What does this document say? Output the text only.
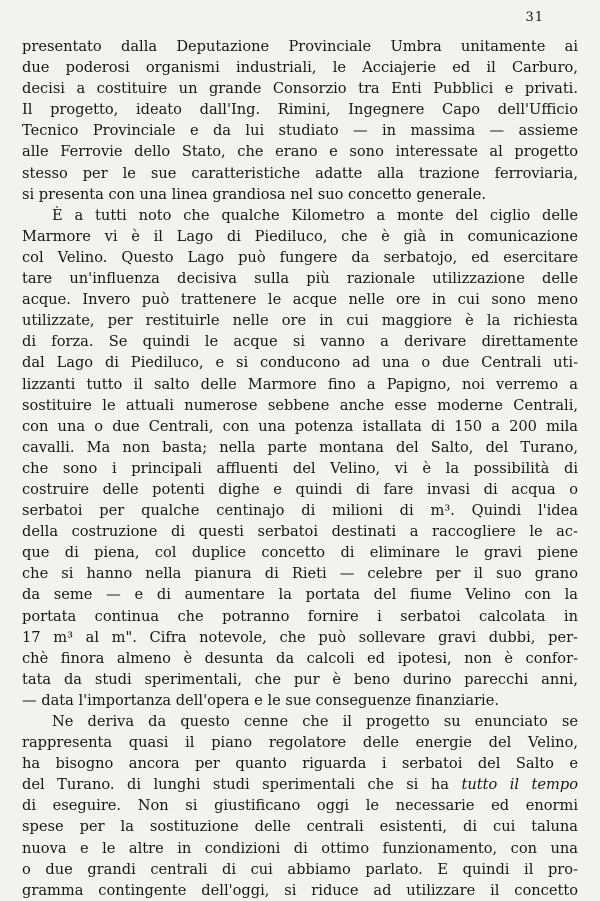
31
presentato dalla Deputazione Provinciale Umbra unitamente ai
due poderosi organismi industriali, le Acciajerie ed il Carburo,
decisi a costituire un grande Consorzio tra Enti Pubblici e privati.
Il progetto, ideato dall'Ing. Rimini, Ingegnere Capo dell'Ufficio
Tecnico Provinciale e da lui studiato — in massima — assieme
alle Ferrovie dello Stato, che erano e sono interessate al progetto
stesso per le sue caratteristiche adatte alla trazione ferroviaria,
si presenta con una linea grandiosa nel suo concetto generale.
È a tutti noto che qualche Kilometro a monte del ciglio delle
Marmore vi è il Lago di Piediluco, che è già in comunicazione
col Velino. Questo Lago può fungere da serbatojo, ed esercitare
tare un'influenza decisiva sulla più razionale utilizzazione delle
acque. Invero può trattenere le acque nelle ore in cui sono meno
utilizzate, per restituirle nelle ore in cui maggiore è la richiesta
di forza. Se quindi le acque si vanno a derivare direttamente
dal Lago di Piediluco, e si conducono ad una o due Centrali uti-
lizzanti tutto il salto delle Marmore fino a Papigno, noi verremo a
sostituire le attuali numerose sebbene anche esse moderne Centrali,
con una o due Centrali, con una potenza istallata di 150 a 200 mila
cavalli. Ma non basta; nella parte montana del Salto, del Turano,
che sono i principali affluenti del Velino, vi è la possibilità di
costruire delle potenti dighe e quindi di fare invasi di acqua o
serbatoi per qualche centinajo di milioni di m³. Quindi l'idea
della costruzione di questi serbatoi destinati a raccogliere le ac-
que di piena, col duplice concetto di eliminare le gravi piene
che si hanno nella pianura di Rieti — celebre per il suo grano
da seme — e di aumentare la portata del fiume Velino con la
portata continua che potranno fornire i serbatoi calcolata in
17 m³ al m". Cifra notevole, che può sollevare gravi dubbi, per-
chè finora almeno è desunta da calcoli ed ipotesi, non è confor-
tata da studi sperimentali, che pur è beno durino parecchi anni,
— data l'importanza dell'opera e le sue conseguenze finanziarie.
Ne deriva da questo cenne che il progetto su enunciato se
rappresenta quasi il piano regolatore delle energie del Velino,
ha bisogno ancora per quanto riguarda i serbatoi del Salto e
del Turano. di lunghi studi sperimentali che si ha tutto il tempo
di eseguire. Non si giustificano oggi le necessarie ed enormi
spese per la sostituzione delle centrali esistenti, di cui taluna
nuova e le altre in condizioni di ottimo funzionamento, con una
o due grandi centrali di cui abbiamo parlato. E quindi il pro-
gramma contingente dell'oggi, si riduce ad utilizzare il concetto
